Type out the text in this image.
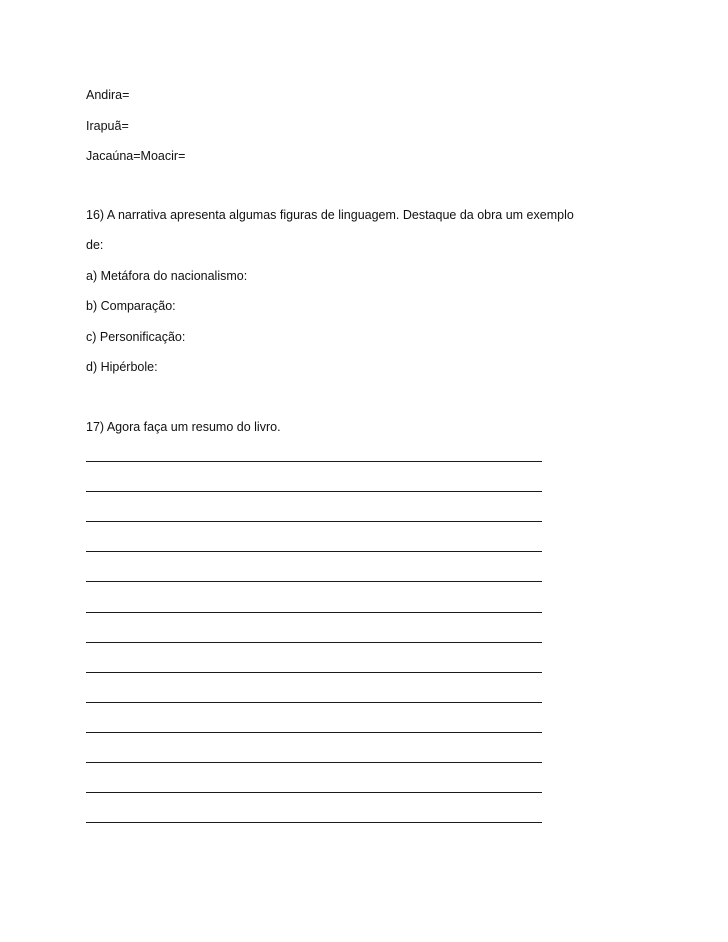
Andira=
Irapuã=
Jacaúna=Moacir=
16) A narrativa apresenta algumas figuras de linguagem. Destaque da obra um exemplo
de:
a) Metáfora do nacionalismo:
b) Comparação:
c) Personificação:
d) Hipérbole:
17) Agora faça um resumo do livro.
